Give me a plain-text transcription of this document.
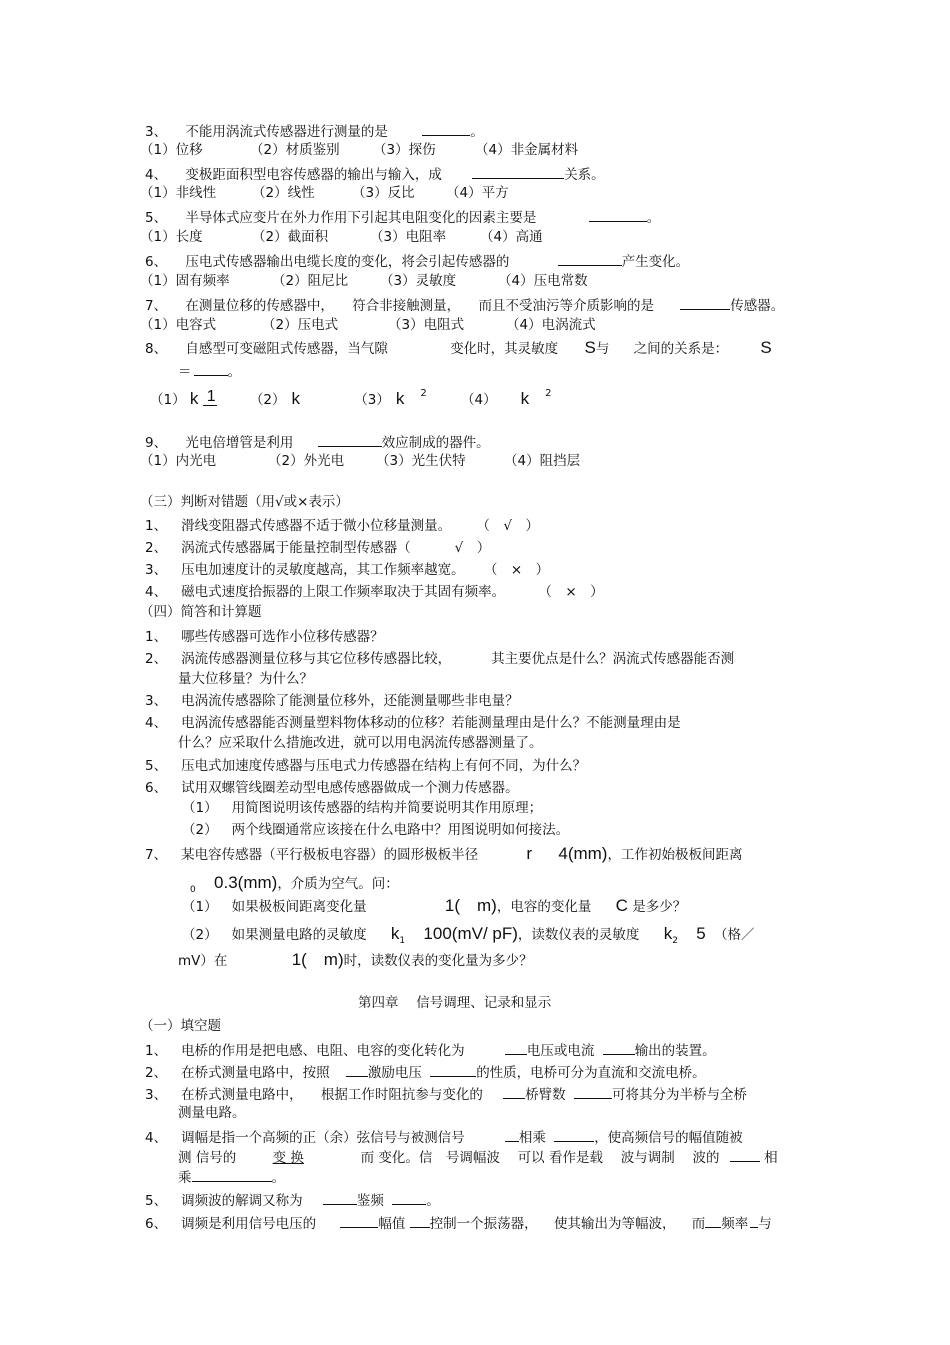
3、 不能用涡流式传感器进行测量的是	。
（1）位移	（2）材质鉴别 （3）探伤	（4）非金属材料
4、 变极距面积型电容传感器的输出与输入，成	关系。
（1）非线性	（2）线性	（3）反比 （4）平方
5、 半导体式应变片在外力作用下引起其电阻变化的因素主要是	。
（1）长度	（2）截面积	（3）电阻率	（4）高通
6、 压电式传感器输出电缆长度的变化，将会引起传感器的	产生变化。
（1）固有频率	（2）阻尼比 （3）灵敏度	（4）压电常数
7、 在测量位移的传感器中， 符合非接触测量， 而且不受油污等介质影响的是	传感器。
（1）电容式	（2）压电式	（3）电阻式	（4）电涡流式
8、 自感型可变磁阻式传感器，当气隙	变化时，其灵敏度 S与 之间的关系是： S
＝	。
（1） k 1	（2） k	（3） k $^2$	（4） k $^2$
9、 光电倍增管是利用	效应制成的器件。
（1）内光电	（2）外光电 （3）光生伏特	（4）阻挡层
（三）判断对错题（用√或×表示）
1、 滑线变阻器式传感器不适于微小位移量测量。 （　√　）
2、 涡流式传感器属于能量控制型传感器（	√　）
3、 压电加速度计的灵敏度越高，其工作频率越宽。 （　×　）
4、 磁电式速度拾振器的上限工作频率取决于其固有频率。	（　×　）
（四）简答和计算题
1、 哪些传感器可选作小位移传感器？
2、 涡流传感器测量位移与其它位移传感器比较，	其主要优点是什么？涡流式传感器能否测
量大位移量？为什么？
3、 电涡流传感器除了能测量位移外，还能测量哪些非电量？
4、 电涡流传感器能否测量塑料物体移动的位移？若能测量理由是什么？不能测量理由是
什么？应采取什么措施改进，就可以用电涡流传感器测量了。
5、 压电式加速度传感器与压电式力传感器在结构上有何不同，为什么？
6、 试用双螺管线圈差动型电感传感器做成一个测力传感器。
（1） 用简图说明该传感器的结构并简要说明其作用原理；
（2） 两个线圈通常应该接在什么电路中？用图说明如何接法。
7、 某电容传感器（平行极板电容器）的圆形极板半径	r 4(mm)，工作初始极板间距离
$_0$ 0.3(mm)，介质为空气。问：
（1） 如果极板间距离变化量	1(　m)，电容的变化量 C 是多少？
（2） 如果测量电路的灵敏度 $k_1$ 100(mV/ pF)，读数仪表的灵敏度 $k_2$ 5 （格／
mV）在	1(　m)时，读数仪表的变化量为多少？
第四章　 信号调理、记录和显示
（一）填空题
1、 电桥的作用是把电感、电阻、电容的变化转化为	电压或电流	输出的装置。
2、 在桥式测量电路中，按照	激励电压	的性质，电桥可分为直流和交流电桥。
3、 在桥式测量电路中， 根据工作时阻抗参与变化的	桥臂数	可将其分为半桥与全桥
测量电路。
4、 调幅是指一个高频的正（余）弦信号与被测信号	相乘	，使高频信号的幅值随被
测 信号的	变 换	而 变化。信　号调幅波　 可以 看作是载　 波与调制　 波的	相
乘	。
5、 调频波的解调又称为	鉴频	。
6、 调频是利用信号电压的	幅值 控制一个振荡器， 使其输出为等幅波， 而 频率 与
